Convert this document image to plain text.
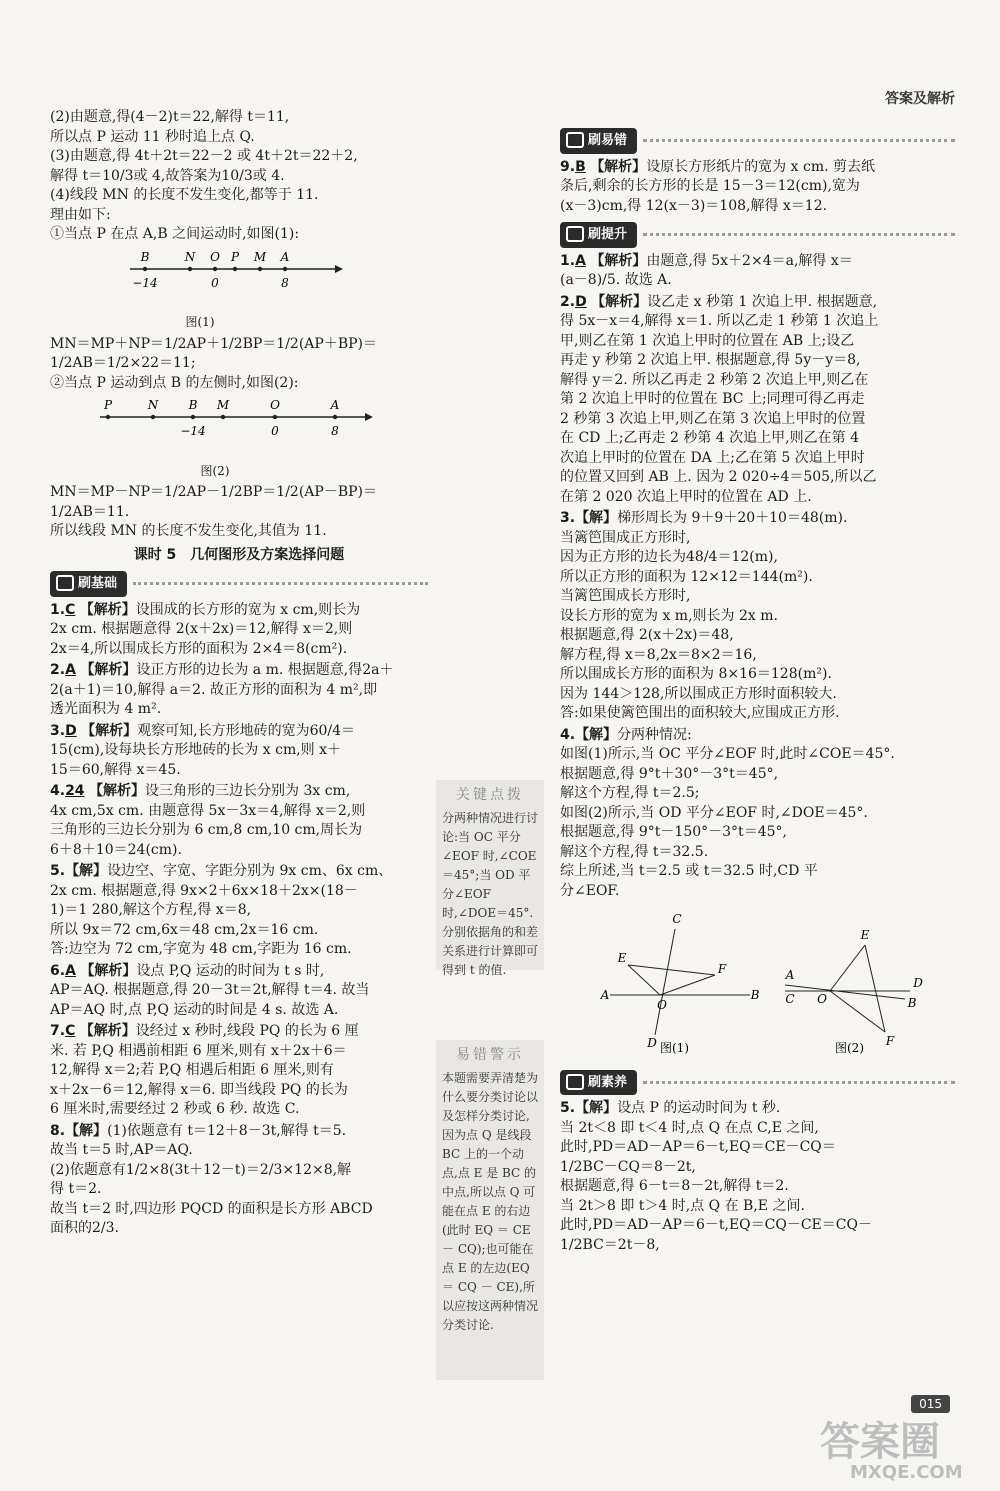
答案及解析
(2)由题意,得(4－2)t＝22,解得 t＝11,
所以点 P 运动 11 秒时追上点 Q.
(3)由题意,得 4t＋2t＝22－2 或 4t＋2t＝22＋2,
解得 t＝10/3或 4,故答案为10/3或 4.
(4)线段 MN 的长度不发生变化,都等于 11.
理由如下:
①当点 P 在点 A,B 之间运动时,如图(1):
B	N O P M A
−14	0	8
图(1)
MN＝MP＋NP＝1/2AP＋1/2BP＝1/2(AP＋BP)＝
1/2AB＝1/2×22＝11;
②当点 P 运动到点 B 的左侧时,如图(2):
P	N	B M	O	A
−14	0	8
图(2)
MN＝MP－NP＝1/2AP－1/2BP＝1/2(AP－BP)＝
1/2AB＝11.
所以线段 MN 的长度不发生变化,其值为 11.
课时 5　几何图形及方案选择问题
刷基础
1.C 【解析】设围成的长方形的宽为 x cm,则长为
2x cm. 根据题意得 2(x＋2x)＝12,解得 x＝2,则
2x＝4,所以围成长方形的面积为 2×4＝8(cm²).
2.A 【解析】设正方形的边长为 a m. 根据题意,得2a＋
2(a＋1)＝10,解得 a＝2. 故正方形的面积为 4 m²,即
透光面积为 4 m².
3.D 【解析】观察可知,长方形地砖的宽为60/4＝
15(cm),设每块长方形地砖的长为 x cm,则 x＋
15＝60,解得 x＝45.
4.24 【解析】设三角形的三边长分别为 3x cm,
4x cm,5x cm. 由题意得 5x－3x＝4,解得 x＝2,则
三角形的三边长分别为 6 cm,8 cm,10 cm,周长为
6＋8＋10＝24(cm).
5.【解】设边空、字宽、字距分别为 9x cm、6x cm、
2x cm. 根据题意,得 9x×2＋6x×18＋2x×(18－
1)＝1 280,解这个方程,得 x＝8,
所以 9x＝72 cm,6x＝48 cm,2x＝16 cm.
答:边空为 72 cm,字宽为 48 cm,字距为 16 cm.
6.A 【解析】设点 P,Q 运动的时间为 t s 时,
AP＝AQ. 根据题意,得 20－3t＝2t,解得 t＝4. 故当
AP＝AQ 时,点 P,Q 运动的时间是 4 s. 故选 A.
7.C 【解析】设经过 x 秒时,线段 PQ 的长为 6 厘
米. 若 P,Q 相遇前相距 6 厘米,则有 x＋2x＋6＝
12,解得 x＝2;若 P,Q 相遇后相距 6 厘米,则有
x＋2x－6＝12,解得 x＝6. 即当线段 PQ 的长为
6 厘米时,需要经过 2 秒或 6 秒. 故选 C.
8.【解】(1)依题意有 t＝12＋8－3t,解得 t＝5.
故当 t＝5 时,AP＝AQ.
(2)依题意有1/2×8(3t＋12－t)＝2/3×12×8,解
得 t＝2.
故当 t＝2 时,四边形 PQCD 的面积是长方形 ABCD
面积的2/3.
关键点拨
分两种情况进行讨论:当 OC 平分∠EOF 时,∠COE＝45°;当 OD 平分∠EOF 时,∠DOE＝45°. 分别依据角的和差关系进行计算即可得到 t 的值.
易错警示
本题需要弄清楚为什么要分类讨论以及怎样分类讨论,因为点 Q 是线段 BC 上的一个动点,点 E 是 BC 的中点,所以点 Q 可能在点 E 的右边(此时 EQ ＝ CE － CQ);也可能在点 E 的左边(EQ ＝ CQ － CE),所以应按这两种情况分类讨论.
刷易错
9.B 【解析】设原长方形纸片的宽为 x cm. 剪去纸
条后,剩余的长方形的长是 15－3＝12(cm),宽为
(x－3)cm,得 12(x－3)＝108,解得 x＝12.
刷提升
1.A 【解析】由题意,得 5x＋2×4＝a,解得 x＝
(a－8)/5. 故选 A.
2.D 【解析】设乙走 x 秒第 1 次追上甲. 根据题意,
得 5x－x＝4,解得 x＝1. 所以乙走 1 秒第 1 次追上
甲,则乙在第 1 次追上甲时的位置在 AB 上;设乙
再走 y 秒第 2 次追上甲. 根据题意,得 5y－y＝8,
解得 y＝2. 所以乙再走 2 秒第 2 次追上甲,则乙在
第 2 次追上甲时的位置在 BC 上;同理可得乙再走
2 秒第 3 次追上甲,则乙在第 3 次追上甲时的位置
在 CD 上;乙再走 2 秒第 4 次追上甲,则乙在第 4
次追上甲时的位置在 DA 上;乙在第 5 次追上甲时
的位置又回到 AB 上. 因为 2 020÷4＝505,所以乙
在第 2 020 次追上甲时的位置在 AD 上.
3.【解】梯形周长为 9＋9＋20＋10＝48(m).
当篱笆围成正方形时,
因为正方形的边长为48/4＝12(m),
所以正方形的面积为 12×12＝144(m²).
当篱笆围成长方形时,
设长方形的宽为 x m,则长为 2x m.
根据题意,得 2(x＋2x)＝48,
解方程,得 x＝8,2x＝8×2＝16,
所以围成长方形的面积为 8×16＝128(m²).
因为 144＞128,所以围成正方形时面积较大.
答:如果使篱笆围出的面积较大,应围成正方形.
4.【解】分两种情况:
如图(1)所示,当 OC 平分∠EOF 时,此时∠COE＝45°.
根据题意,得 9°t＋30°－3°t＝45°,
解这个方程,得 t＝2.5;
如图(2)所示,当 OD 平分∠EOF 时,∠DOE＝45°.
根据题意,得 9°t－150°－3°t＝45°,
解这个方程,得 t＝32.5.
综上所述,当 t＝2.5 或 t＝32.5 时,CD 平
分∠EOF.
C
E
F
A
O
B
D
E
A
C O
D
B
F
图(1)	图(2)
刷素养
5.【解】设点 P 的运动时间为 t 秒.
当 2t＜8 即 t＜4 时,点 Q 在点 C,E 之间,
此时,PD＝AD－AP＝6－t,EQ＝CE－CQ＝
1/2BC－CQ＝8－2t,
根据题意,得 6－t＝8－2t,解得 t＝2.
当 2t＞8 即 t＞4 时,点 Q 在 B,E 之间.
此时,PD＝AD－AP＝6－t,EQ＝CQ－CE＝CQ－
1/2BC＝2t－8,
015
答案圈
MXQE.COM
